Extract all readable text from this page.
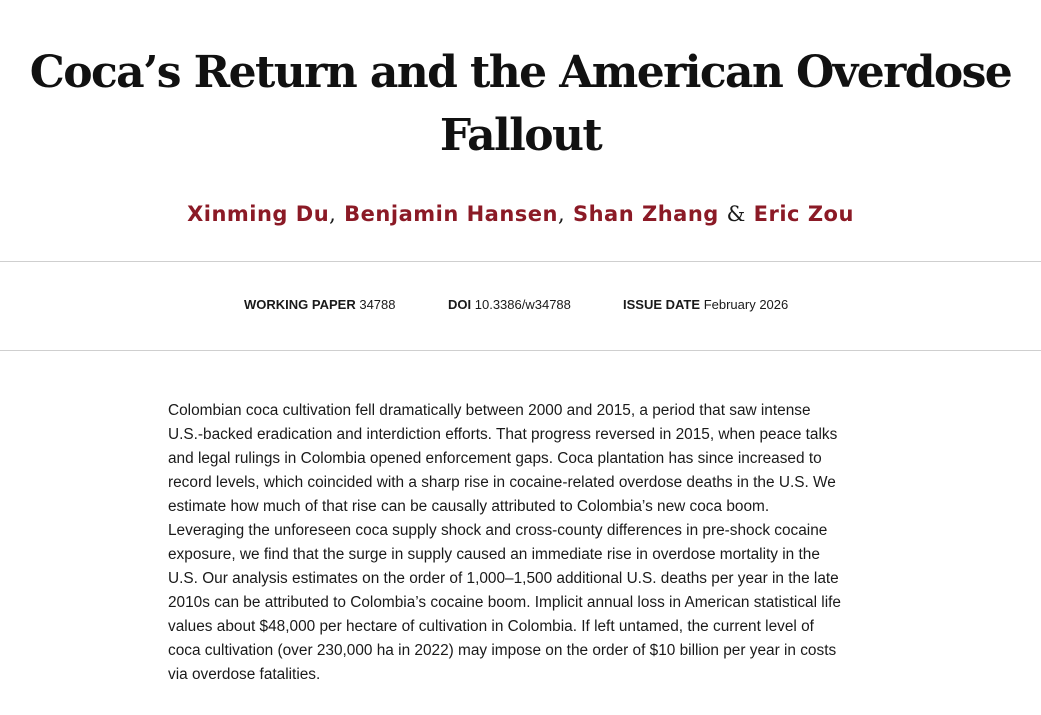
Coca’s Return and the American Overdose
Fallout
Xinming Du, Benjamin Hansen, Shan Zhang & Eric Zou
WORKING PAPER 34788	DOI 10.3386/w34788	ISSUE DATE February 2026

Colombian coca cultivation fell dramatically between 2000 and 2015, a period that saw intense
U.S.-backed eradication and interdiction efforts. That progress reversed in 2015, when peace talks
and legal rulings in Colombia opened enforcement gaps. Coca plantation has since increased to
record levels, which coincided with a sharp rise in cocaine-related overdose deaths in the U.S. We
estimate how much of that rise can be causally attributed to Colombia’s new coca boom.
Leveraging the unforeseen coca supply shock and cross-county differences in pre-shock cocaine
exposure, we find that the surge in supply caused an immediate rise in overdose mortality in the
U.S. Our analysis estimates on the order of 1,000–1,500 additional U.S. deaths per year in the late
2010s can be attributed to Colombia’s cocaine boom. Implicit annual loss in American statistical life
values about $48,000 per hectare of cultivation in Colombia. If left untamed, the current level of
coca cultivation (over 230,000 ha in 2022) may impose on the order of $10 billion per year in costs
via overdose fatalities.
